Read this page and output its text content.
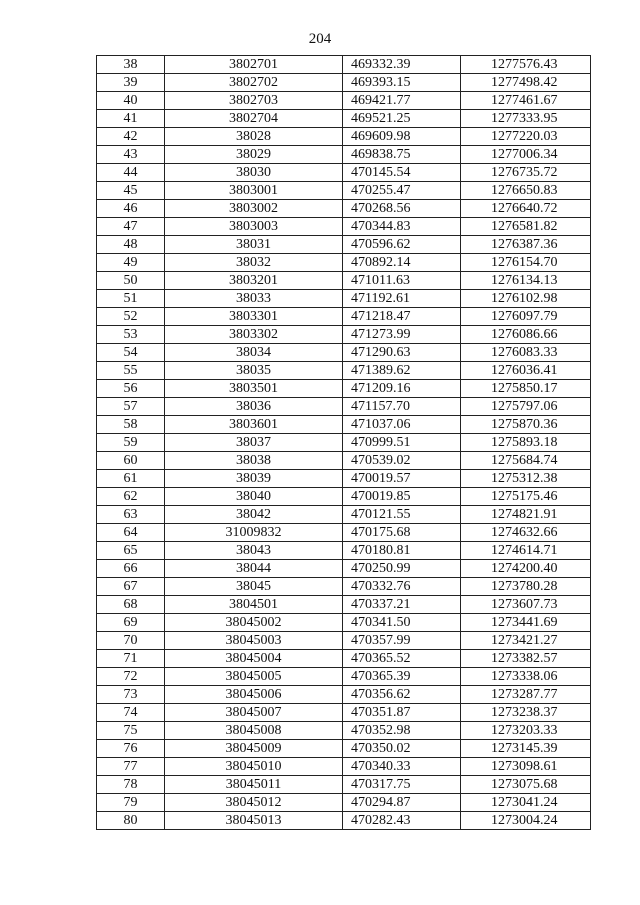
204
38	3802701	469332.39	1277576.43
39	3802702	469393.15	1277498.42
40	3802703	469421.77	1277461.67
41	3802704	469521.25	1277333.95
42	38028	469609.98	1277220.03
43	38029	469838.75	1277006.34
44	38030	470145.54	1276735.72
45	3803001	470255.47	1276650.83
46	3803002	470268.56	1276640.72
47	3803003	470344.83	1276581.82
48	38031	470596.62	1276387.36
49	38032	470892.14	1276154.70
50	3803201	471011.63	1276134.13
51	38033	471192.61	1276102.98
52	3803301	471218.47	1276097.79
53	3803302	471273.99	1276086.66
54	38034	471290.63	1276083.33
55	38035	471389.62	1276036.41
56	3803501	471209.16	1275850.17
57	38036	471157.70	1275797.06
58	3803601	471037.06	1275870.36
59	38037	470999.51	1275893.18
60	38038	470539.02	1275684.74
61	38039	470019.57	1275312.38
62	38040	470019.85	1275175.46
63	38042	470121.55	1274821.91
64	31009832	470175.68	1274632.66
65	38043	470180.81	1274614.71
66	38044	470250.99	1274200.40
67	38045	470332.76	1273780.28
68	3804501	470337.21	1273607.73
69	38045002	470341.50	1273441.69
70	38045003	470357.99	1273421.27
71	38045004	470365.52	1273382.57
72	38045005	470365.39	1273338.06
73	38045006	470356.62	1273287.77
74	38045007	470351.87	1273238.37
75	38045008	470352.98	1273203.33
76	38045009	470350.02	1273145.39
77	38045010	470340.33	1273098.61
78	38045011	470317.75	1273075.68
79	38045012	470294.87	1273041.24
80	38045013	470282.43	1273004.24
